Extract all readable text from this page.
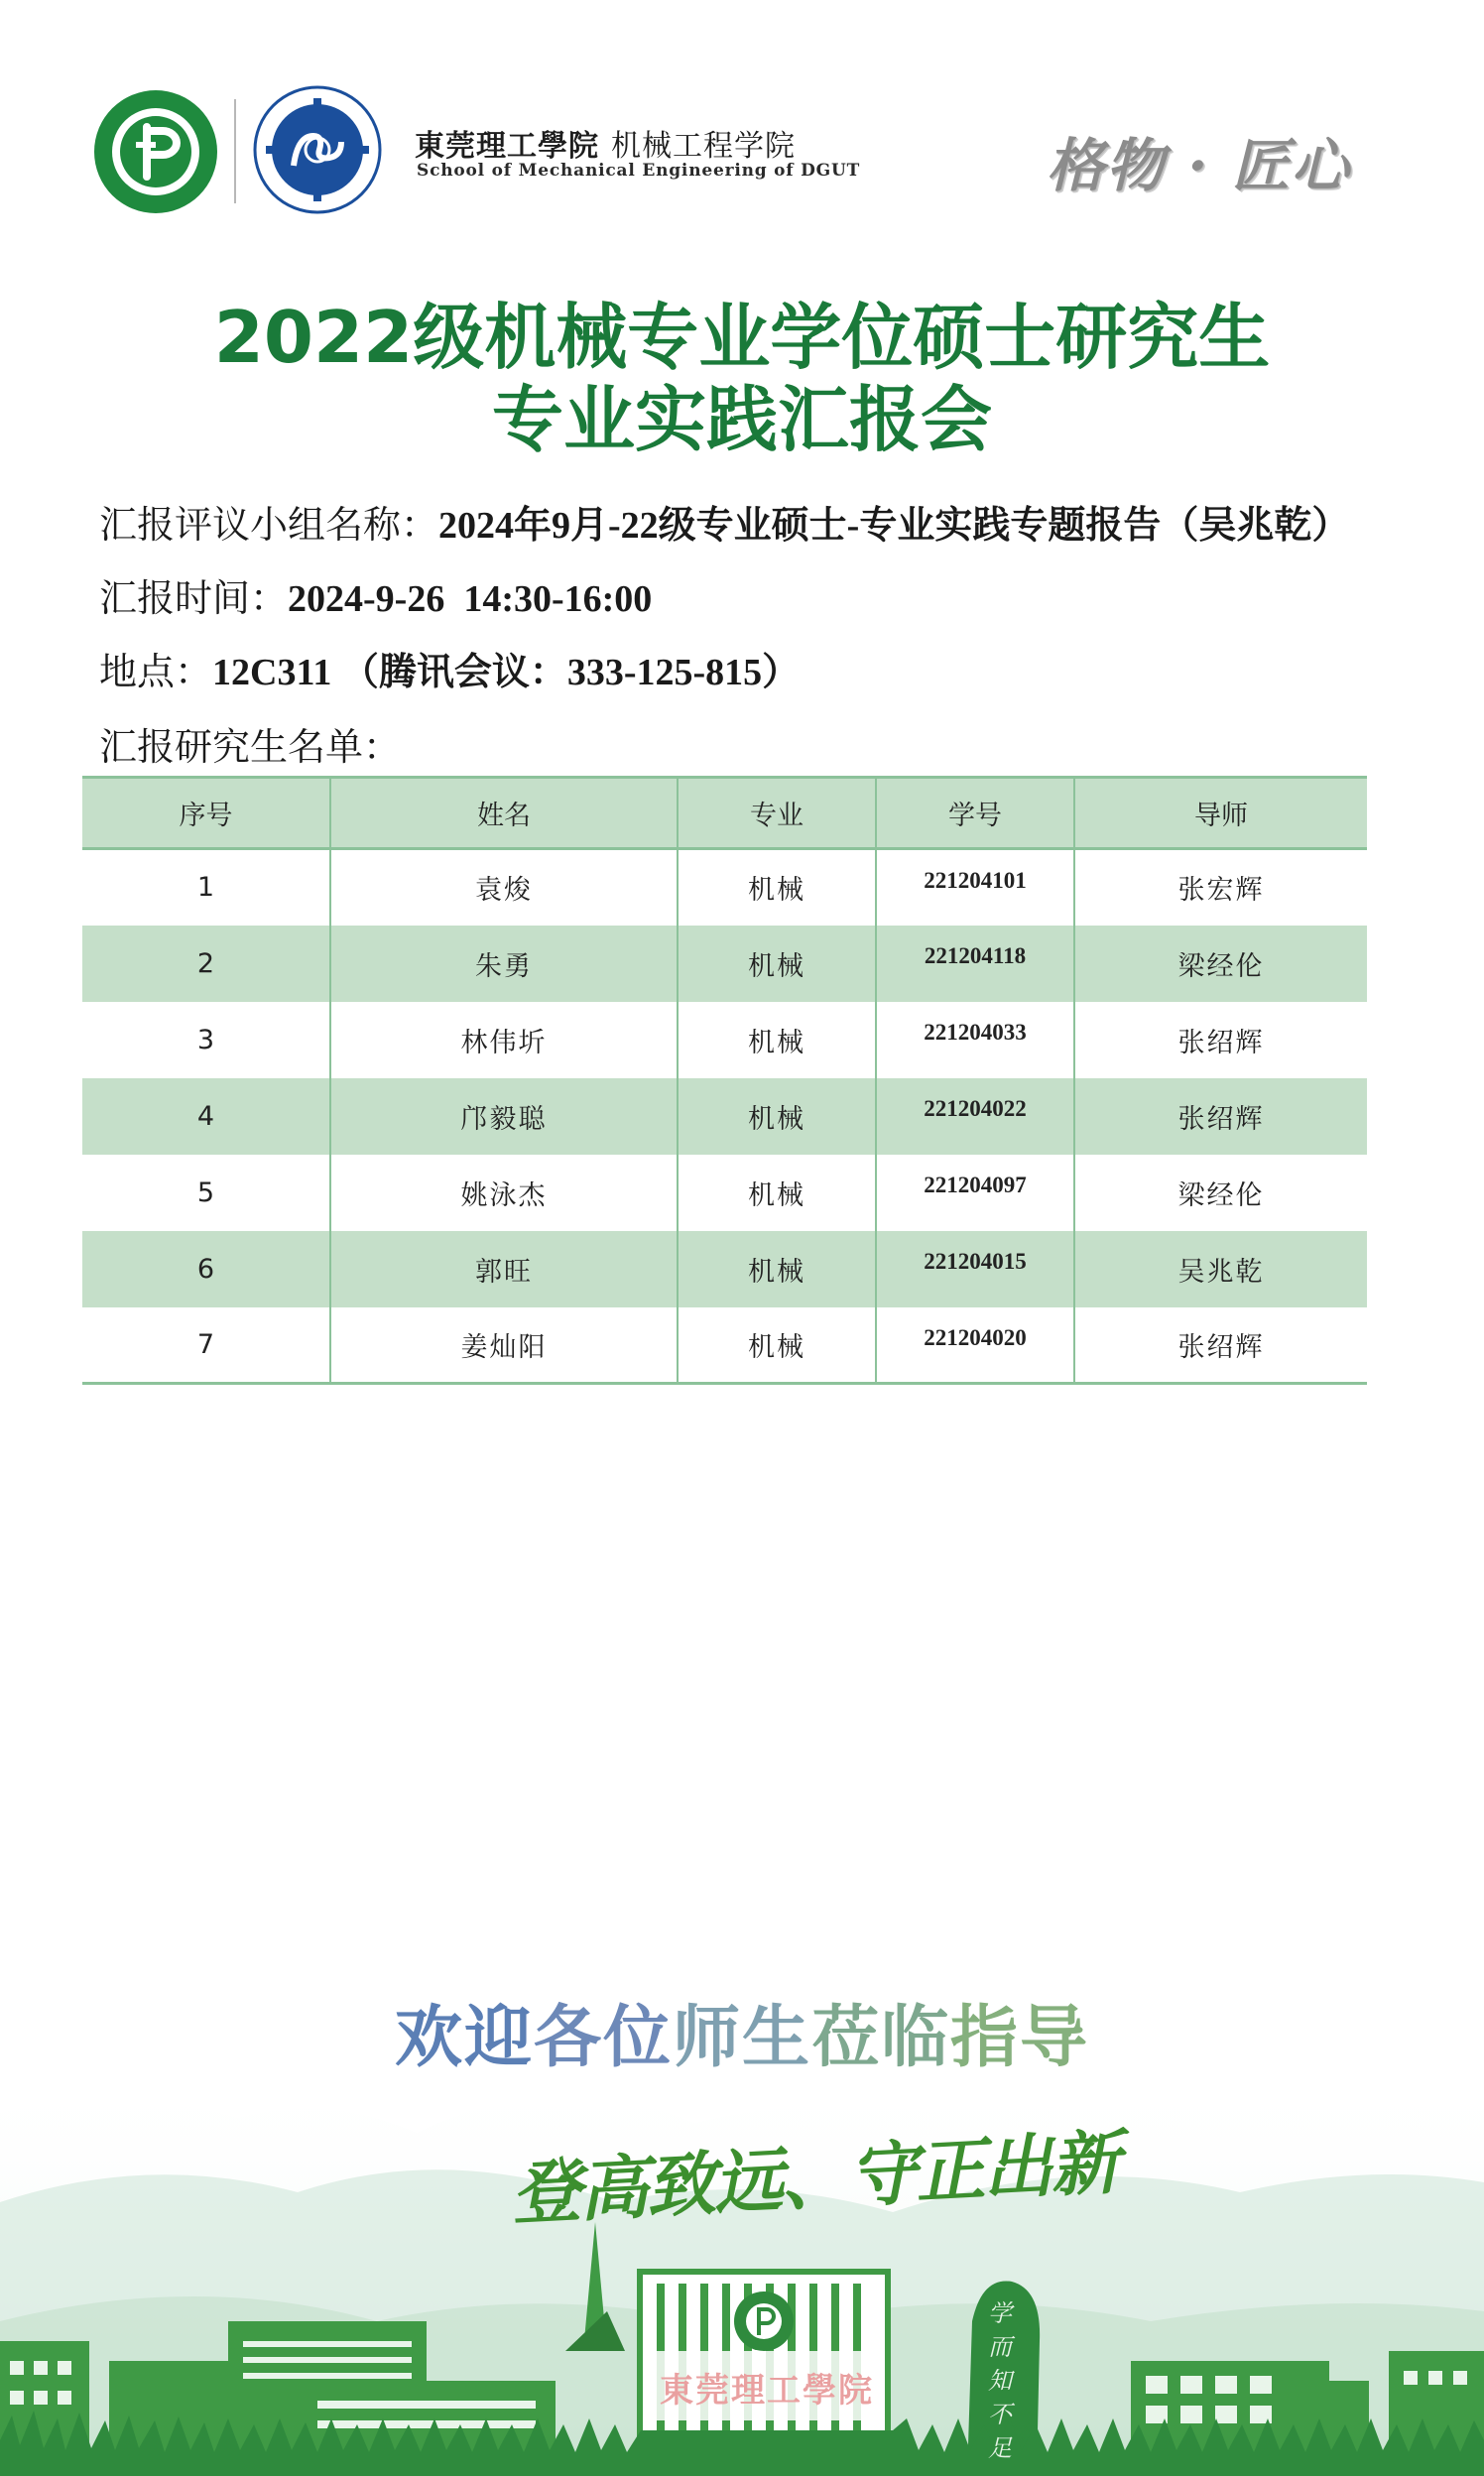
東莞理工學院 机械工程学院
School of Mechanical Engineering of DGUT	格物 · 匠心
2022级机械专业学位硕士研究生
专业实践汇报会
汇报评议小组名称：2024年9月-22级专业硕士-专业实践专题报告（吴兆乾）
汇报时间：2024-9-26  14:30-16:00
地点：12C311 （腾讯会议：333-125-815）
汇报研究生名单：
序号	姓名	专业	学号	导师
1	袁焌	机械	221204101	张宏辉
2	朱勇	机械	221204118	梁经伦
3	林伟圻	机械	221204033	张绍辉
4	邝毅聪	机械	221204022	张绍辉
5	姚泳杰	机械	221204097	梁经伦
6	郭旺	机械	221204015	吴兆乾
7	姜灿阳	机械	221204020	张绍辉
東莞理工學院
学而知不足
欢迎各位师生莅临指导
登高致远、守正出新
